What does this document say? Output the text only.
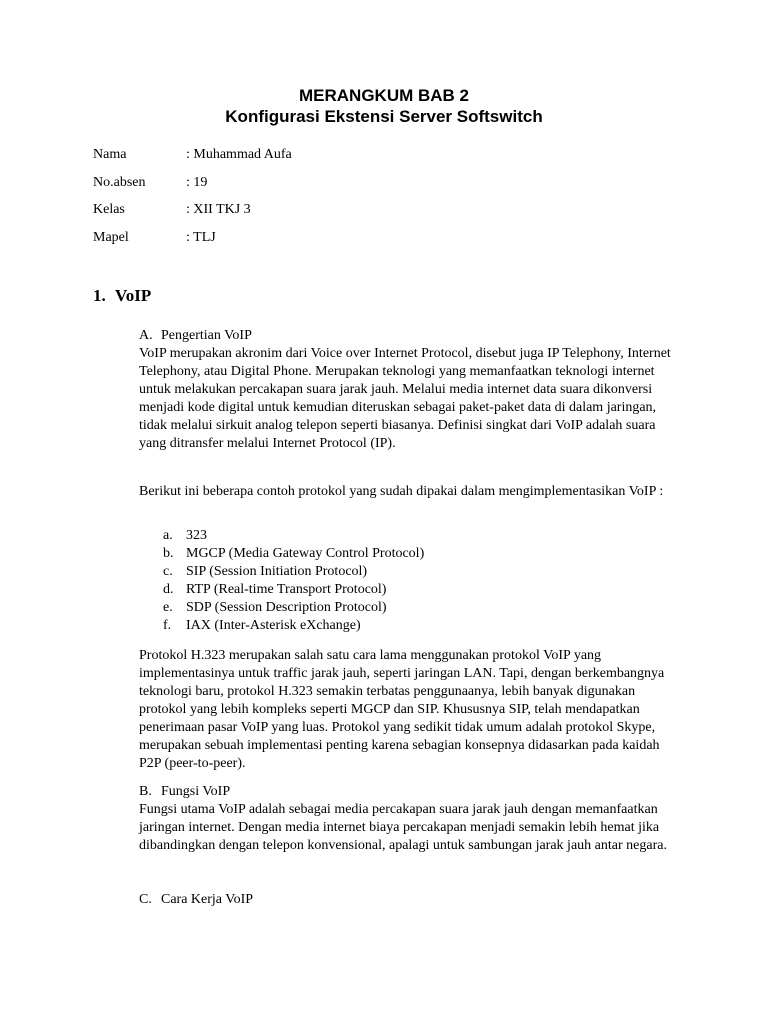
MERANGKUM BAB 2
Konfigurasi Ekstensi Server Softswitch
Nama	: Muhammad Aufa
No.absen	: 19
Kelas	: XII TKJ 3
Mapel	: TLJ
1. VoIP
A. Pengertian VoIP

VoIP merupakan akronim dari Voice over Internet Protocol, disebut juga IP Telephony, Internet Telephony, atau Digital Phone. Merupakan teknologi yang memanfaatkan teknologi internet untuk melakukan percakapan suara jarak jauh. Melalui media internet data suara dikonversi menjadi kode digital untuk kemudian diteruskan sebagai paket-paket data di dalam jaringan, tidak melalui sirkuit analog telepon seperti biasanya. Definisi singkat dari VoIP adalah suara yang ditransfer melalui Internet Protocol (IP).

Berikut ini beberapa contoh protokol yang sudah dipakai dalam mengimplementasikan VoIP :

a. 323
b. MGCP (Media Gateway Control Protocol)
c. SIP (Session Initiation Protocol)
d. RTP (Real-time Transport Protocol)
e. SDP (Session Description Protocol)
f. IAX (Inter-Asterisk eXchange)

Protokol H.323 merupakan salah satu cara lama menggunakan protokol VoIP yang implementasinya untuk traffic jarak jauh, seperti jaringan LAN. Tapi, dengan berkembangnya teknologi baru, protokol H.323 semakin terbatas penggunaanya, lebih banyak digunakan protokol yang lebih kompleks seperti MGCP dan SIP. Khususnya SIP, telah mendapatkan penerimaan pasar VoIP yang luas. Protokol yang sedikit tidak umum adalah protokol Skype, merupakan sebuah implementasi penting karena sebagian konsepnya didasarkan pada kaidah P2P (peer-to-peer).

B. Fungsi VoIP

Fungsi utama VoIP adalah sebagai media percakapan suara jarak jauh dengan memanfaatkan jaringan internet. Dengan media internet biaya percakapan menjadi semakin lebih hemat jika dibandingkan dengan telepon konvensional, apalagi untuk sambungan jarak jauh antar negara.

C. Cara Kerja VoIP
